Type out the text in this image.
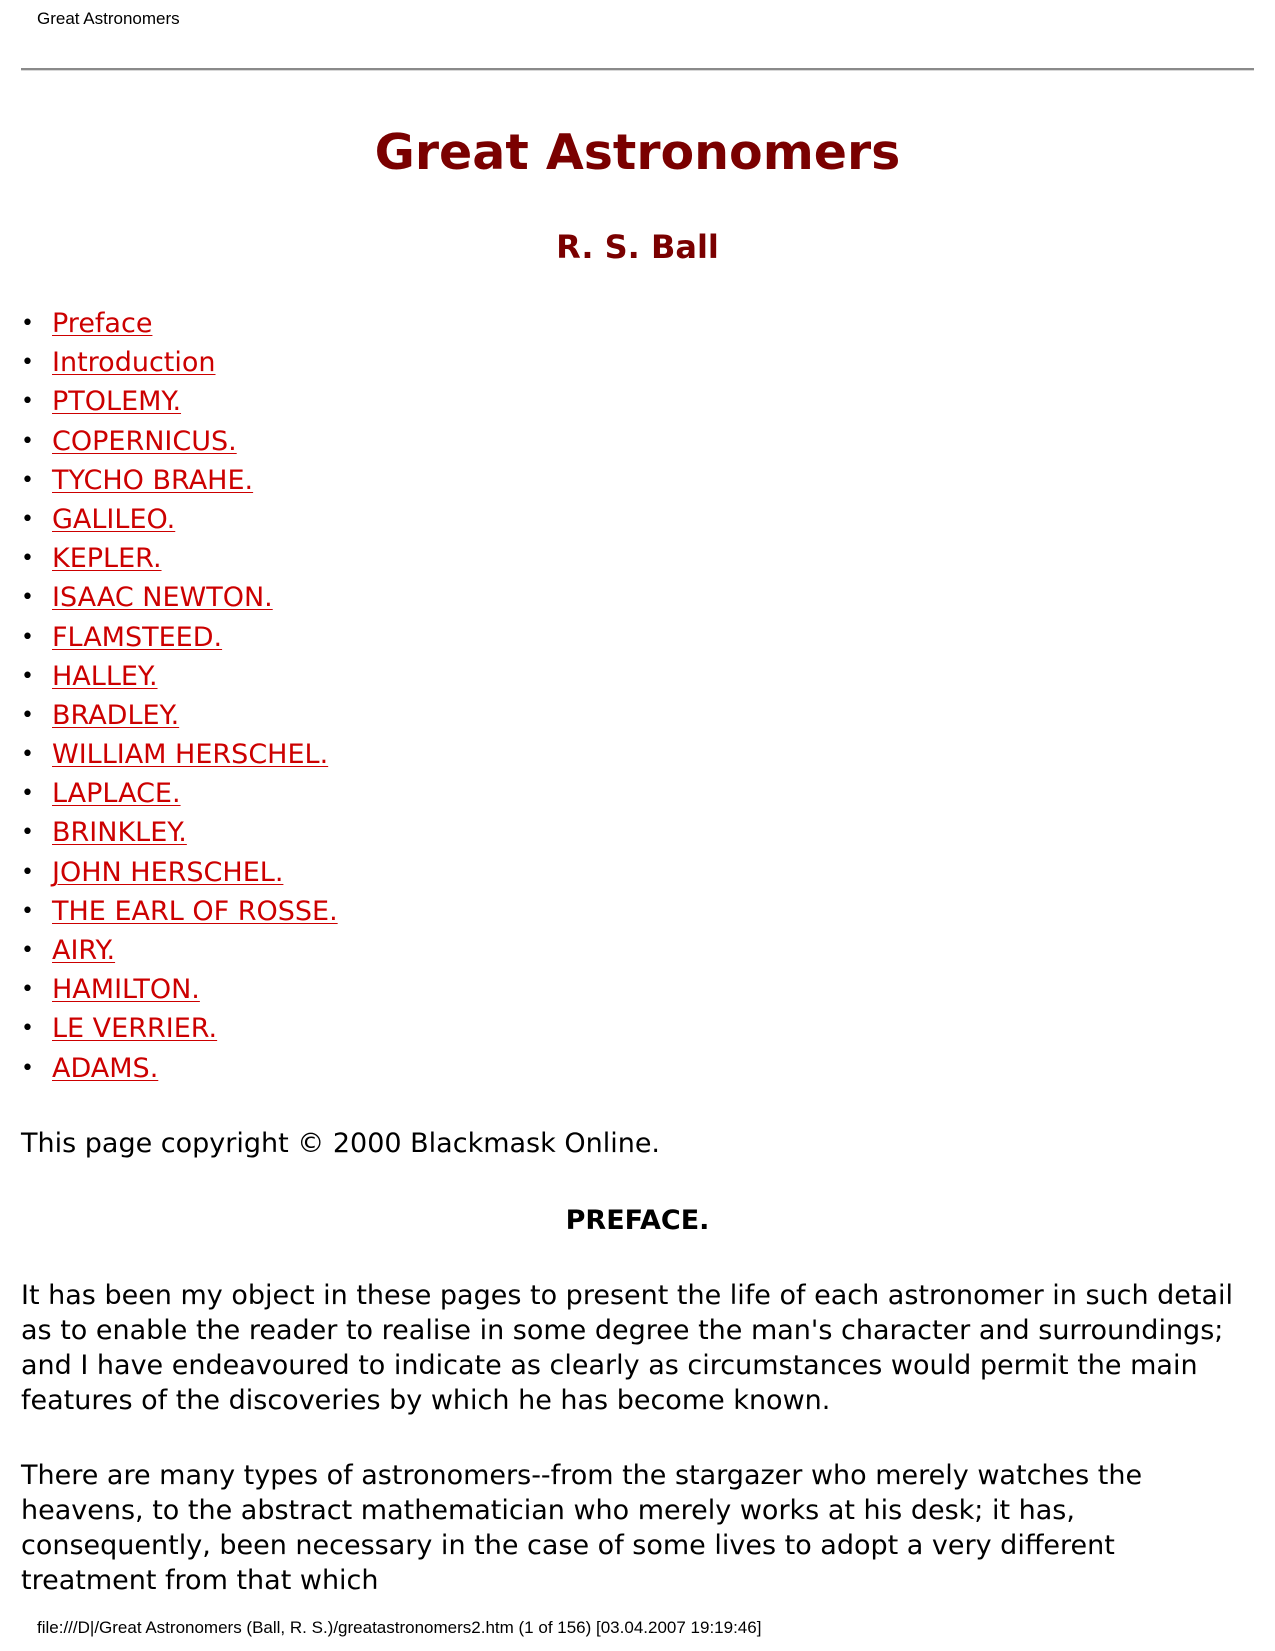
Great Astronomers
Great Astronomers
R. S. Ball
• Preface
• Introduction
• PTOLEMY.
• COPERNICUS.
• TYCHO BRAHE.
• GALILEO.
• KEPLER.
• ISAAC NEWTON.
• FLAMSTEED.
• HALLEY.
• BRADLEY.
• WILLIAM HERSCHEL.
• LAPLACE.
• BRINKLEY.
• JOHN HERSCHEL.
• THE EARL OF ROSSE.
• AIRY.
• HAMILTON.
• LE VERRIER.
• ADAMS.

This page copyright © 2000 Blackmask Online.

PREFACE.

It has been my object in these pages to present the life of each astronomer in such detail as to enable the reader to realise in some degree the man's character and surroundings; and I have endeavoured to indicate as clearly as circumstances would permit the main features of the discoveries by which he has become known.

There are many types of astronomers--from the stargazer who merely watches the heavens, to the abstract mathematician who merely works at his desk; it has, consequently, been necessary in the case of some lives to adopt a very different treatment from that which

file:///D|/Great Astronomers (Ball, R. S.)/greatastronomers2.htm (1 of 156) [03.04.2007 19:19:46]
